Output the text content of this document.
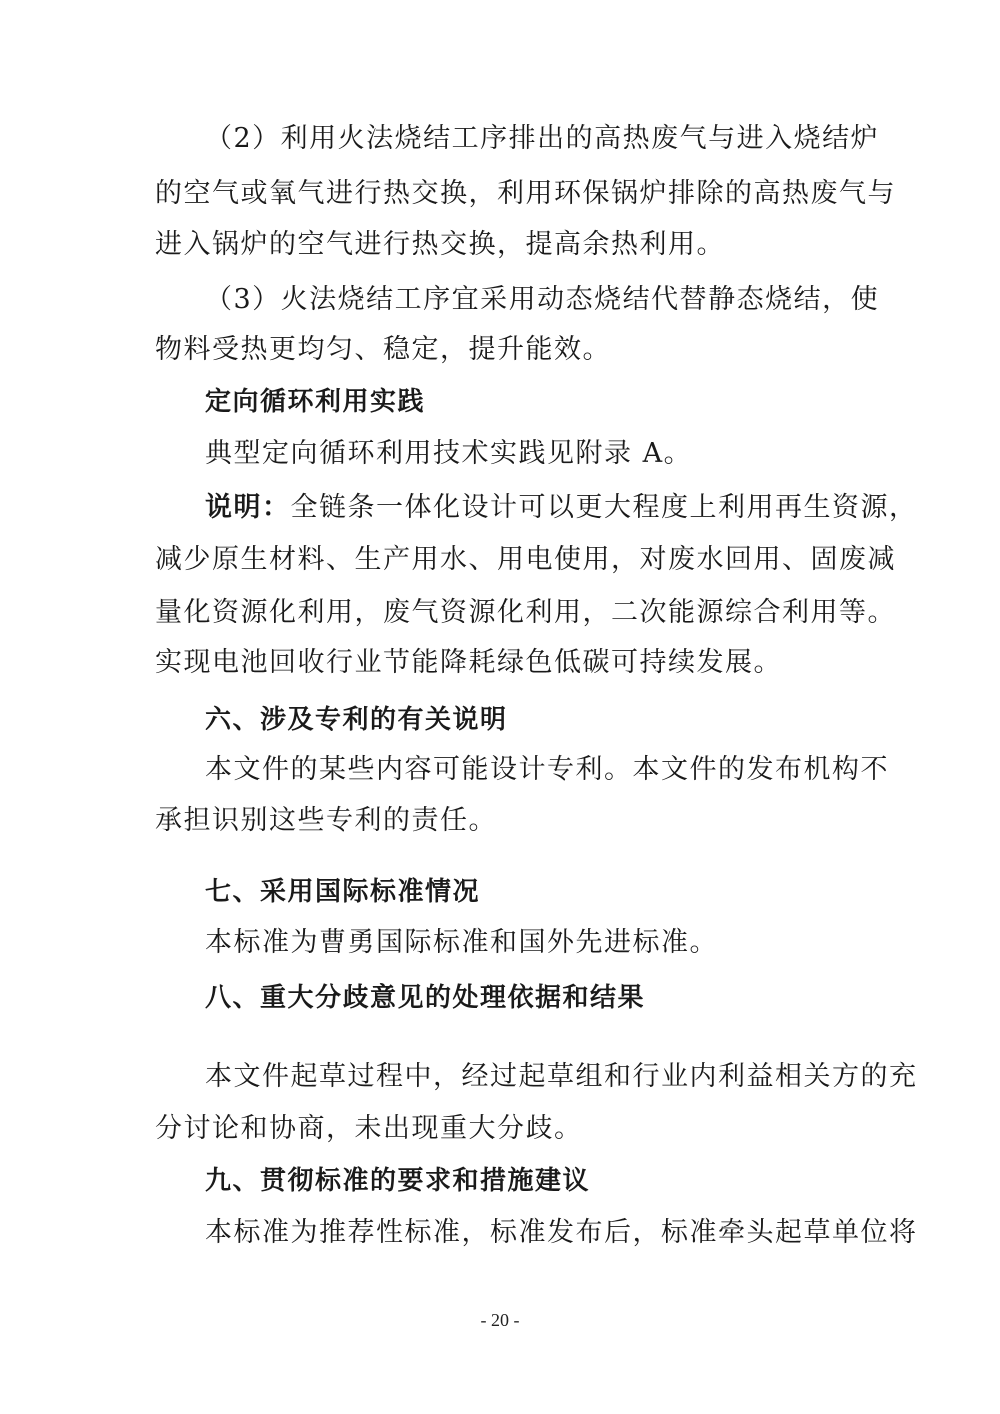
（2）利用火法烧结工序排出的高热废气与进入烧结炉
的空气或氧气进行热交换，利用环保锅炉排除的高热废气与
进入锅炉的空气进行热交换，提高余热利用。
（3）火法烧结工序宜采用动态烧结代替静态烧结，使
物料受热更均匀、稳定，提升能效。
定向循环利用实践
典型定向循环利用技术实践见附录 A。
说明：全链条一体化设计可以更大程度上利用再生资源，
减少原生材料、生产用水、用电使用，对废水回用、固废减
量化资源化利用，废气资源化利用，二次能源综合利用等。
实现电池回收行业节能降耗绿色低碳可持续发展。
六、涉及专利的有关说明
本文件的某些内容可能设计专利。本文件的发布机构不
承担识别这些专利的责任。
七、采用国际标准情况
本标准为曹勇国际标准和国外先进标准。
八、重大分歧意见的处理依据和结果
本文件起草过程中，经过起草组和行业内利益相关方的充
分讨论和协商，未出现重大分歧。
九、贯彻标准的要求和措施建议
本标准为推荐性标准，标准发布后，标准牵头起草单位将
- 20 -
